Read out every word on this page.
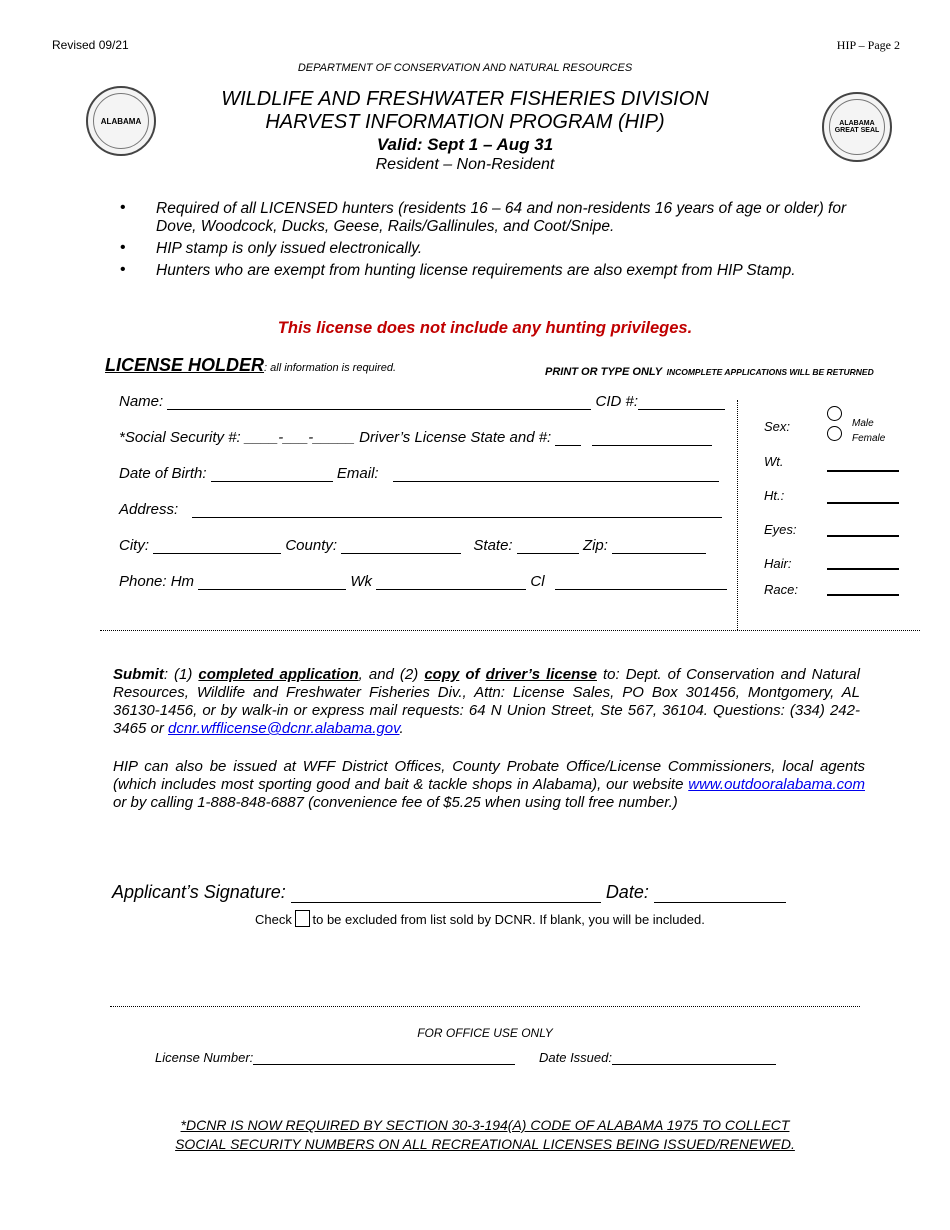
Revised 09/21	HIP – Page 2
DEPARTMENT OF CONSERVATION AND NATURAL RESOURCES
ALABAMA	ALABAMA GREAT SEAL
WILDLIFE AND FRESHWATER FISHERIES DIVISION
HARVEST INFORMATION PROGRAM (HIP)
Valid: Sept 1 – Aug 31
Resident – Non-Resident
• Required of all LICENSED hunters (residents 16 – 64 and non-residents 16 years of age or older) for Dove, Woodcock, Ducks, Geese, Rails/Gallinules, and Coot/Snipe.
• HIP stamp is only issued electronically.
• Hunters who are exempt from hunting license requirements are also exempt from HIP Stamp.
This license does not include any hunting privileges.
LICENSE HOLDER: all information is required.	PRINT OR TYPE ONLY INCOMPLETE APPLICATIONS WILL BE RETURNED
Name:	CID #:
*Social Security #: ____-___-_____ Driver’s License State and #:
Date of Birth:	Email:
Address:
City:	County:	State:	Zip:
Phone: Hm	Wk	Cl
Sex:	Male
Female
Wt.
Ht.:
Eyes:
Hair:
Race:
Submit: (1) completed application, and (2) copy of driver’s license to: Dept. of Conservation and Natural Resources, Wildlife and Freshwater Fisheries Div., Attn: License Sales, PO Box 301456, Montgomery, AL 36130-1456, or by walk-in or express mail requests: 64 N Union Street, Ste 567, 36104. Questions: (334) 242-3465 or dcnr.wfflicense@dcnr.alabama.gov.
HIP can also be issued at WFF District Offices, County Probate Office/License Commissioners, local agents (which includes most sporting good and bait & tackle shops in Alabama), our website www.outdooralabama.com or by calling 1-888-848-6887 (convenience fee of $5.25 when using toll free number.)
Applicant’s Signature:	Date:
Check to be excluded from list sold by DCNR. If blank, you will be included.
FOR OFFICE USE ONLY
License Number:	Date Issued:
*DCNR IS NOW REQUIRED BY SECTION 30-3-194(A) CODE OF ALABAMA 1975 TO COLLECT
SOCIAL SECURITY NUMBERS ON ALL RECREATIONAL LICENSES BEING ISSUED/RENEWED.
